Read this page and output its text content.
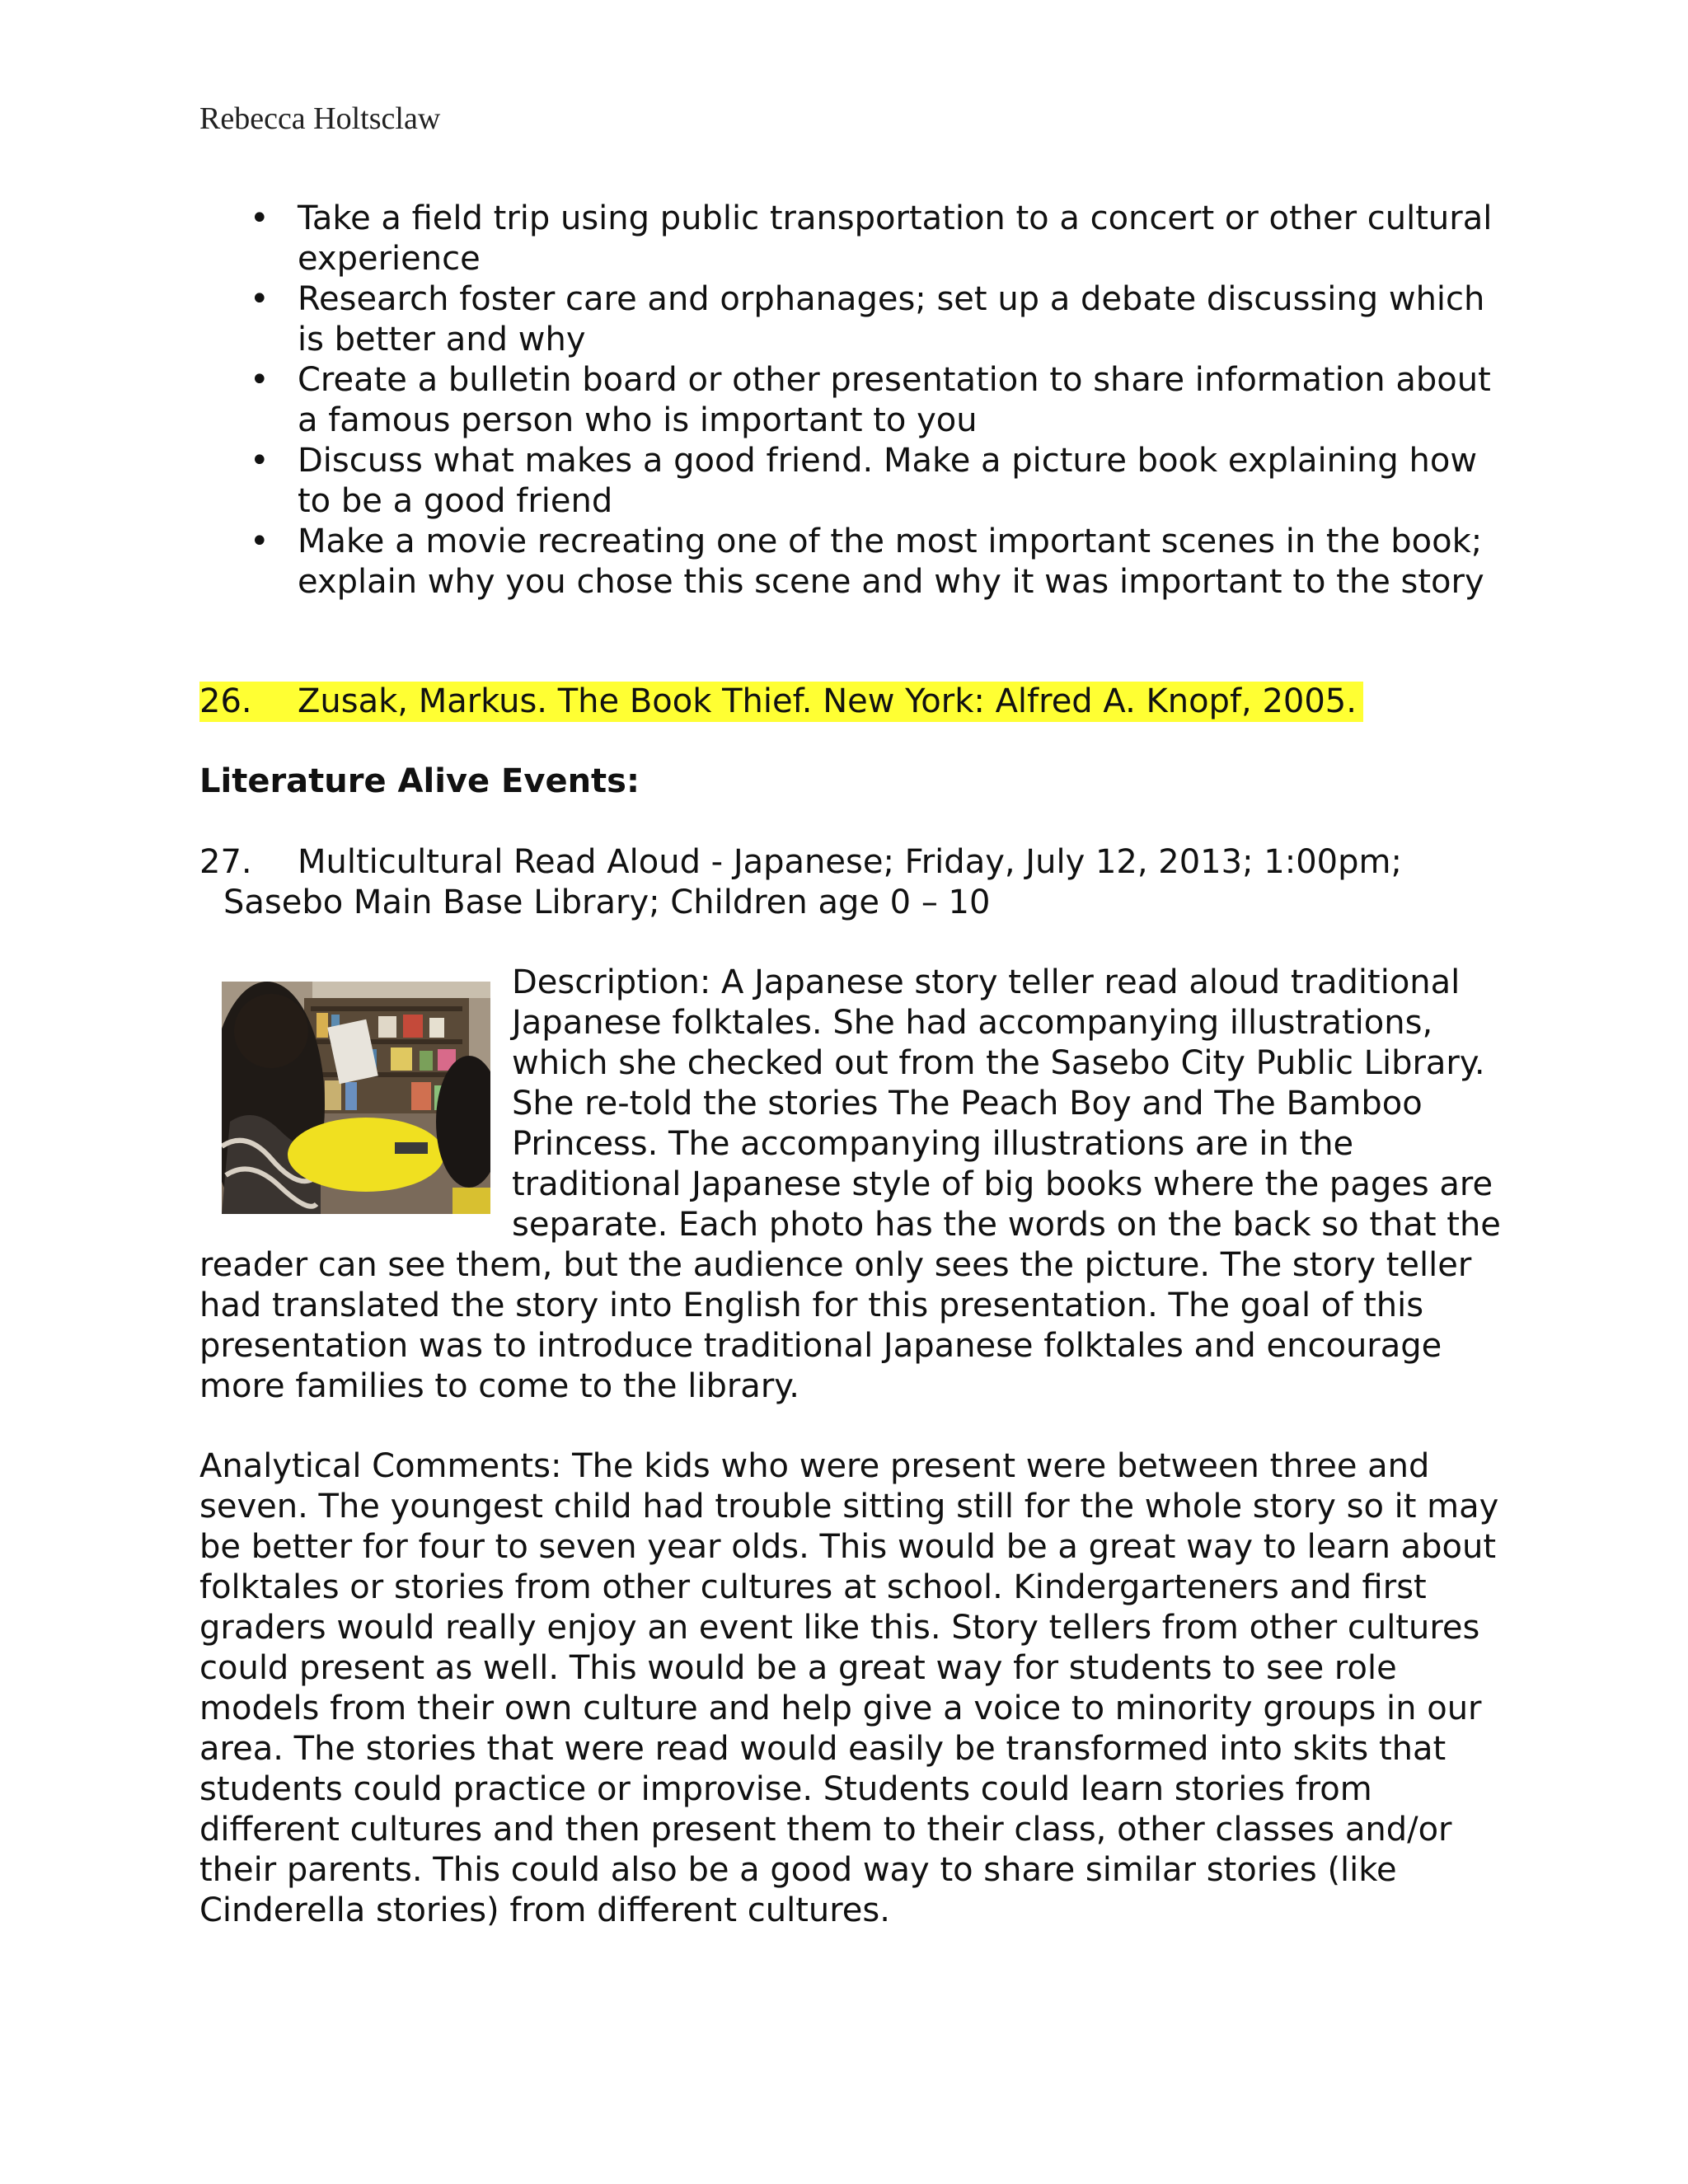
Rebecca Holtsclaw
• Take a field trip using public transportation to a concert or other cultural experience
• Research foster care and orphanages; set up a debate discussing which is better and why
• Create a bulletin board or other presentation to share information about a famous person who is important to you
• Discuss what makes a good friend. Make a picture book explaining how to be a good friend
• Make a movie recreating one of the most important scenes in the book; explain why you chose this scene and why it was important to the story
26. Zusak, Markus. The Book Thief. New York: Alfred A. Knopf, 2005.
Literature Alive Events:
27. Multicultural Read Aloud - Japanese; Friday, July 12, 2013; 1:00pm;
Sasebo Main Base Library; Children age 0 – 10

Description: A Japanese story teller read aloud traditional Japanese folktales. She had accompanying illustrations, which she checked out from the Sasebo City Public Library. She re-told the stories The Peach Boy and The Bamboo Princess. The accompanying illustrations are in the traditional Japanese style of big books where the pages are separate. Each photo has the words on the back so that the reader can see them, but the audience only sees the picture. The story teller had translated the story into English for this presentation. The goal of this presentation was to introduce traditional Japanese folktales and encourage more families to come to the library.

Analytical Comments: The kids who were present were between three and seven. The youngest child had trouble sitting still for the whole story so it may be better for four to seven year olds. This would be a great way to learn about folktales or stories from other cultures at school. Kindergarteners and first graders would really enjoy an event like this. Story tellers from other cultures could present as well. This would be a great way for students to see role models from their own culture and help give a voice to minority groups in our area. The stories that were read would easily be transformed into skits that students could practice or improvise. Students could learn stories from different cultures and then present them to their class, other classes and/or their parents. This could also be a good way to share similar stories (like Cinderella stories) from different cultures.
